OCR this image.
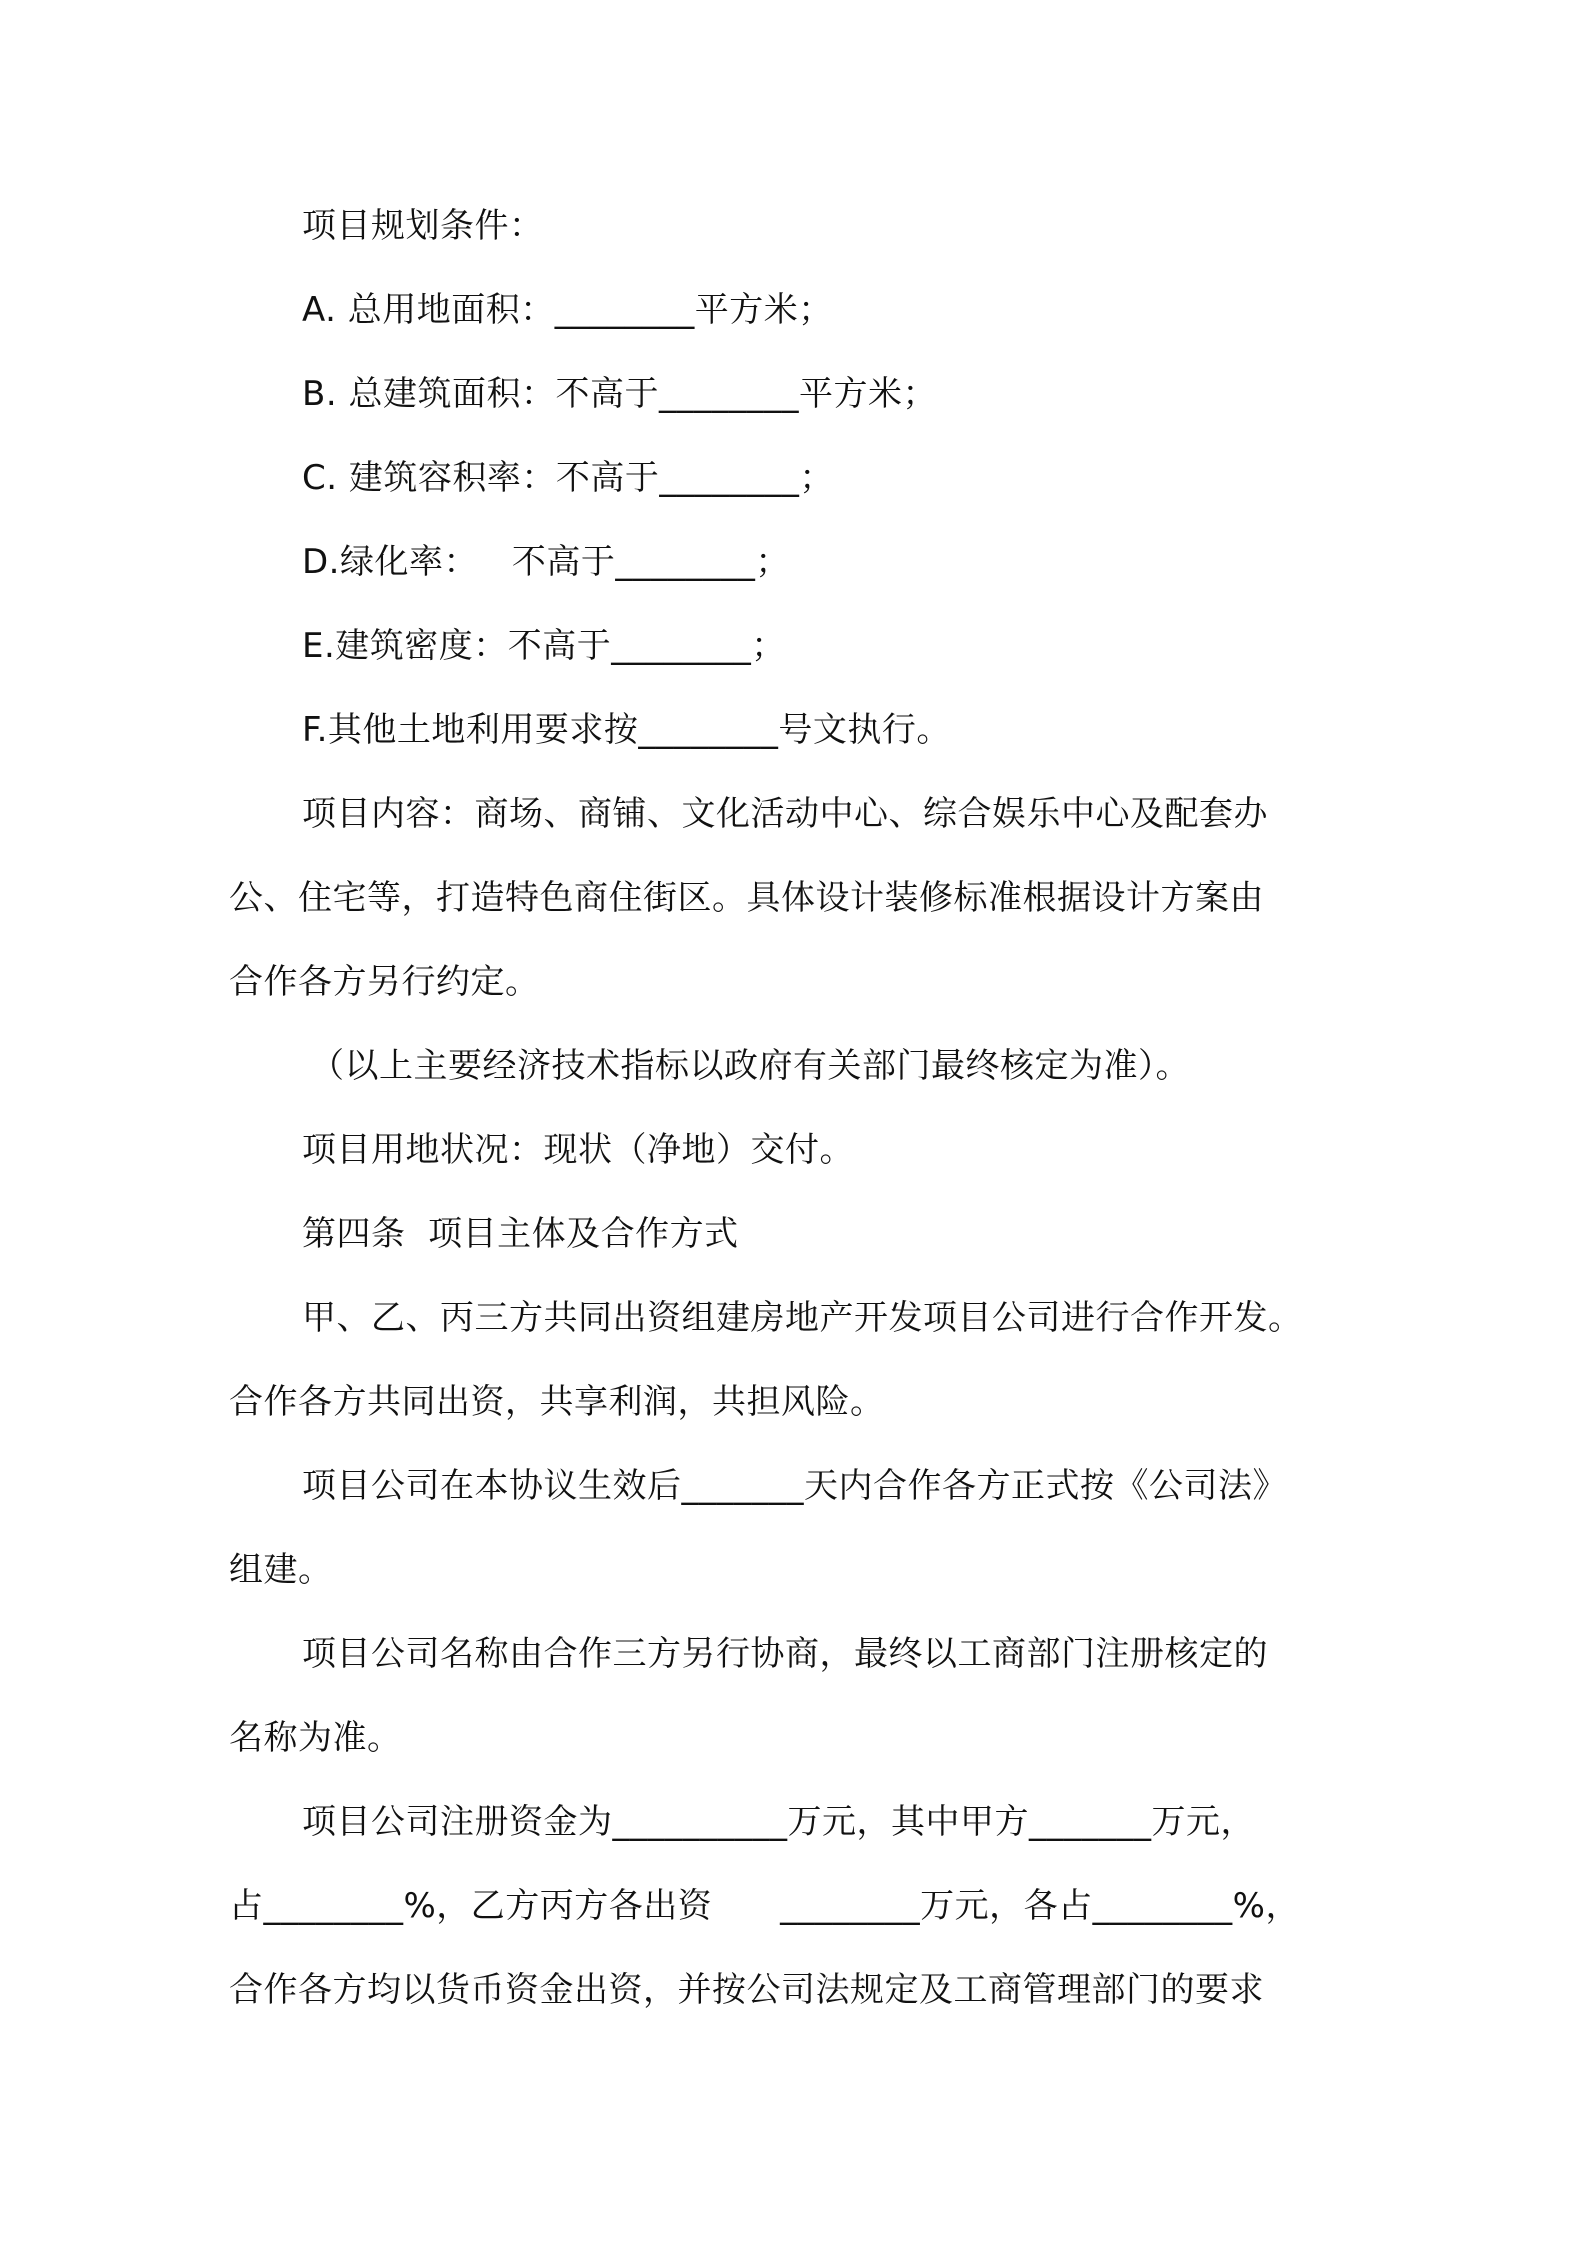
项目规划条件：
A. 总用地面积：________平方米；
B. 总建筑面积：不高于________平方米；
C. 建筑容积率：不高于________；
D.绿化率：   不高于________；
E.建筑密度：不高于________；
F.其他土地利用要求按________号文执行。
项目内容：商场、商铺、文化活动中心、综合娱乐中心及配套办
公、住宅等，打造特色商住街区。具体设计装修标准根据设计方案由
合作各方另行约定。
（以上主要经济技术指标以政府有关部门最终核定为准）。
项目用地状况：现状（净地）交付。
第四条  项目主体及合作方式
甲、乙、丙三方共同出资组建房地产开发项目公司进行合作开发。
合作各方共同出资，共享利润，共担风险。
项目公司在本协议生效后_______天内合作各方正式按《公司法》
组建。
项目公司名称由合作三方另行协商，最终以工商部门注册核定的
名称为准。
项目公司注册资金为__________万元，其中甲方_______万元，
占________%，乙方丙方各出资      ________万元，各占________%，
合作各方均以货币资金出资，并按公司法规定及工商管理部门的要求
